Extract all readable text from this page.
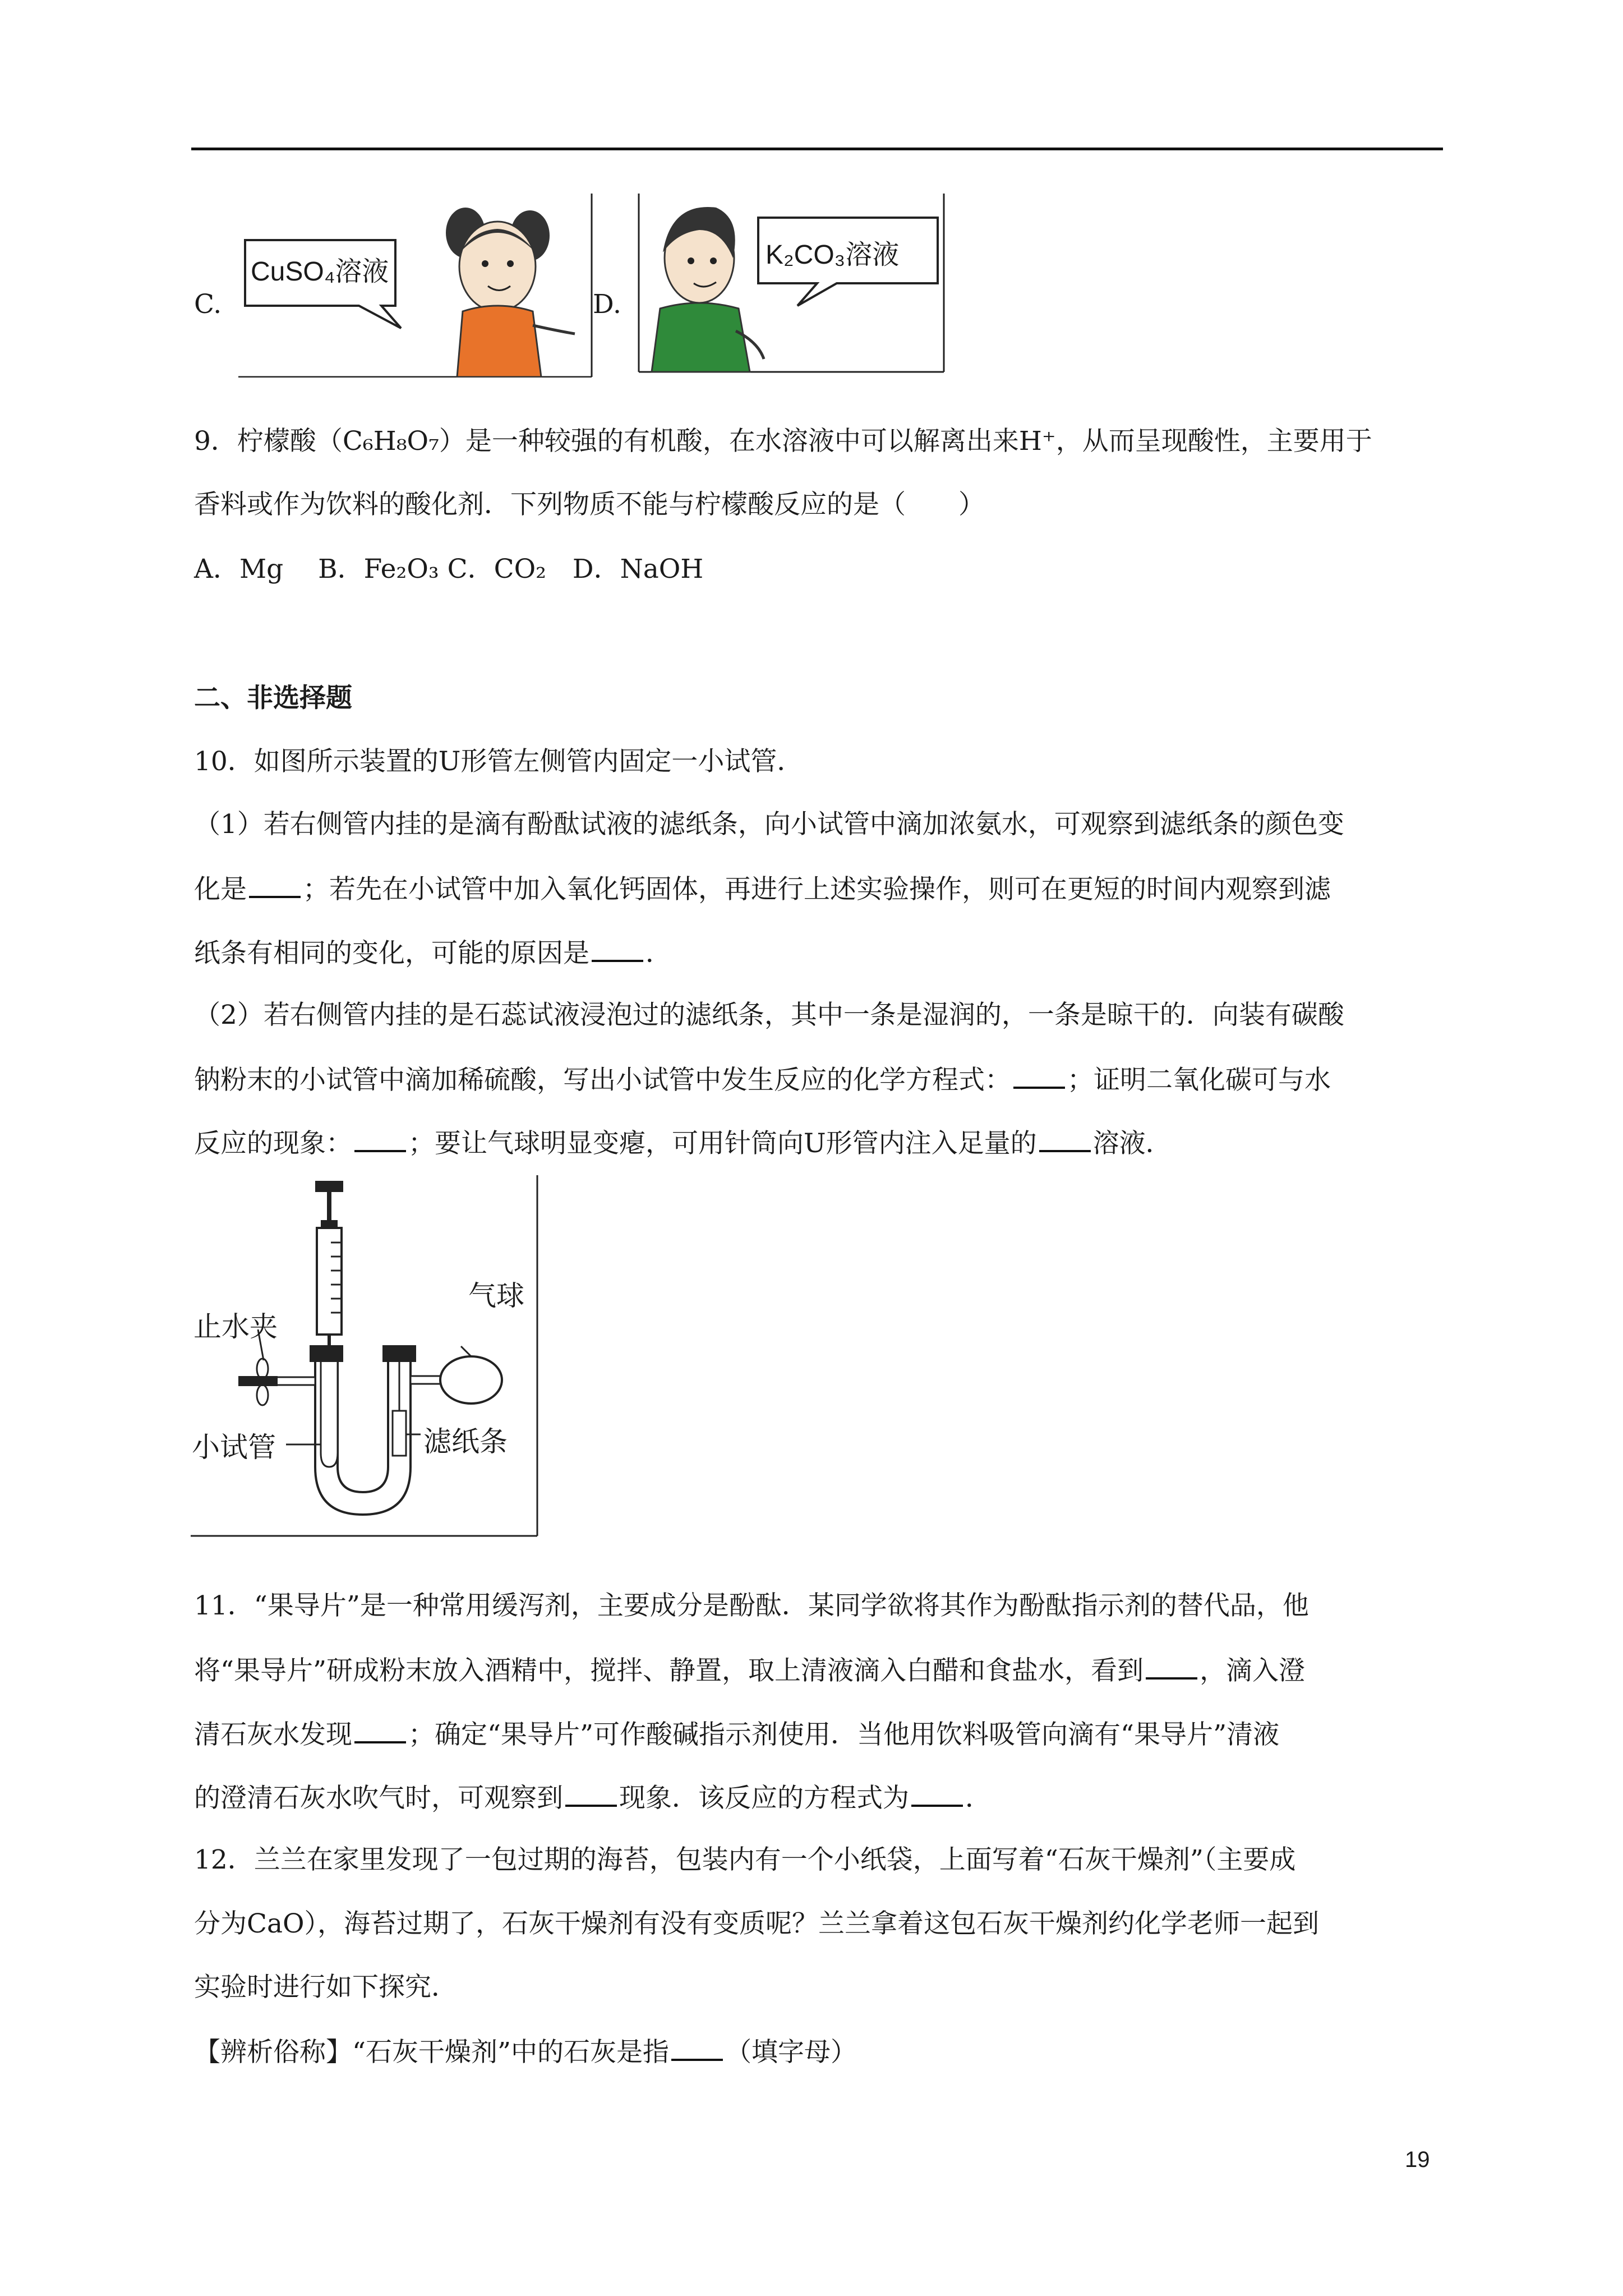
C.
CuSO₄溶液
D.
K₂CO₃溶液
9．柠檬酸（C₆H₈O₇）是一种较强的有机酸，在水溶液中可以解离出来H⁺，从而呈现酸性，主要用于
香料或作为饮料的酸化剂．下列物质不能与柠檬酸反应的是（　　）
A．Mg　 B．Fe₂O₃ C．CO₂　D．NaOH
二、非选择题
10．如图所示装置的U形管左侧管内固定一小试管．
（1）若右侧管内挂的是滴有酚酞试液的滤纸条，向小试管中滴加浓氨水，可观察到滤纸条的颜色变
化是 ；若先在小试管中加入氧化钙固体，再进行上述实验操作，则可在更短的时间内观察到滤
纸条有相同的变化，可能的原因是 ．
（2）若右侧管内挂的是石蕊试液浸泡过的滤纸条，其中一条是湿润的，一条是晾干的．向装有碳酸
钠粉末的小试管中滴加稀硫酸，写出小试管中发生反应的化学方程式： ；证明二氧化碳可与水
反应的现象： ；要让气球明显变瘪，可用针筒向U形管内注入足量的 溶液．
止水夹
气球
小试管	滤纸条
11．“果导片”是一种常用缓泻剂，主要成分是酚酞．某同学欲将其作为酚酞指示剂的替代品，他
将“果导片”研成粉末放入酒精中，搅拌、静置，取上清液滴入白醋和食盐水，看到 ，滴入澄
清石灰水发现 ；确定“果导片”可作酸碱指示剂使用．当他用饮料吸管向滴有“果导片”清液
的澄清石灰水吹气时，可观察到 现象．该反应的方程式为 ．
12．兰兰在家里发现了一包过期的海苔，包装内有一个小纸袋，上面写着“石灰干燥剂”（主要成
分为CaO），海苔过期了，石灰干燥剂有没有变质呢？兰兰拿着这包石灰干燥剂约化学老师一起到
实验时进行如下探究．
【辨析俗称】“石灰干燥剂”中的石灰是指 （填字母）
19
